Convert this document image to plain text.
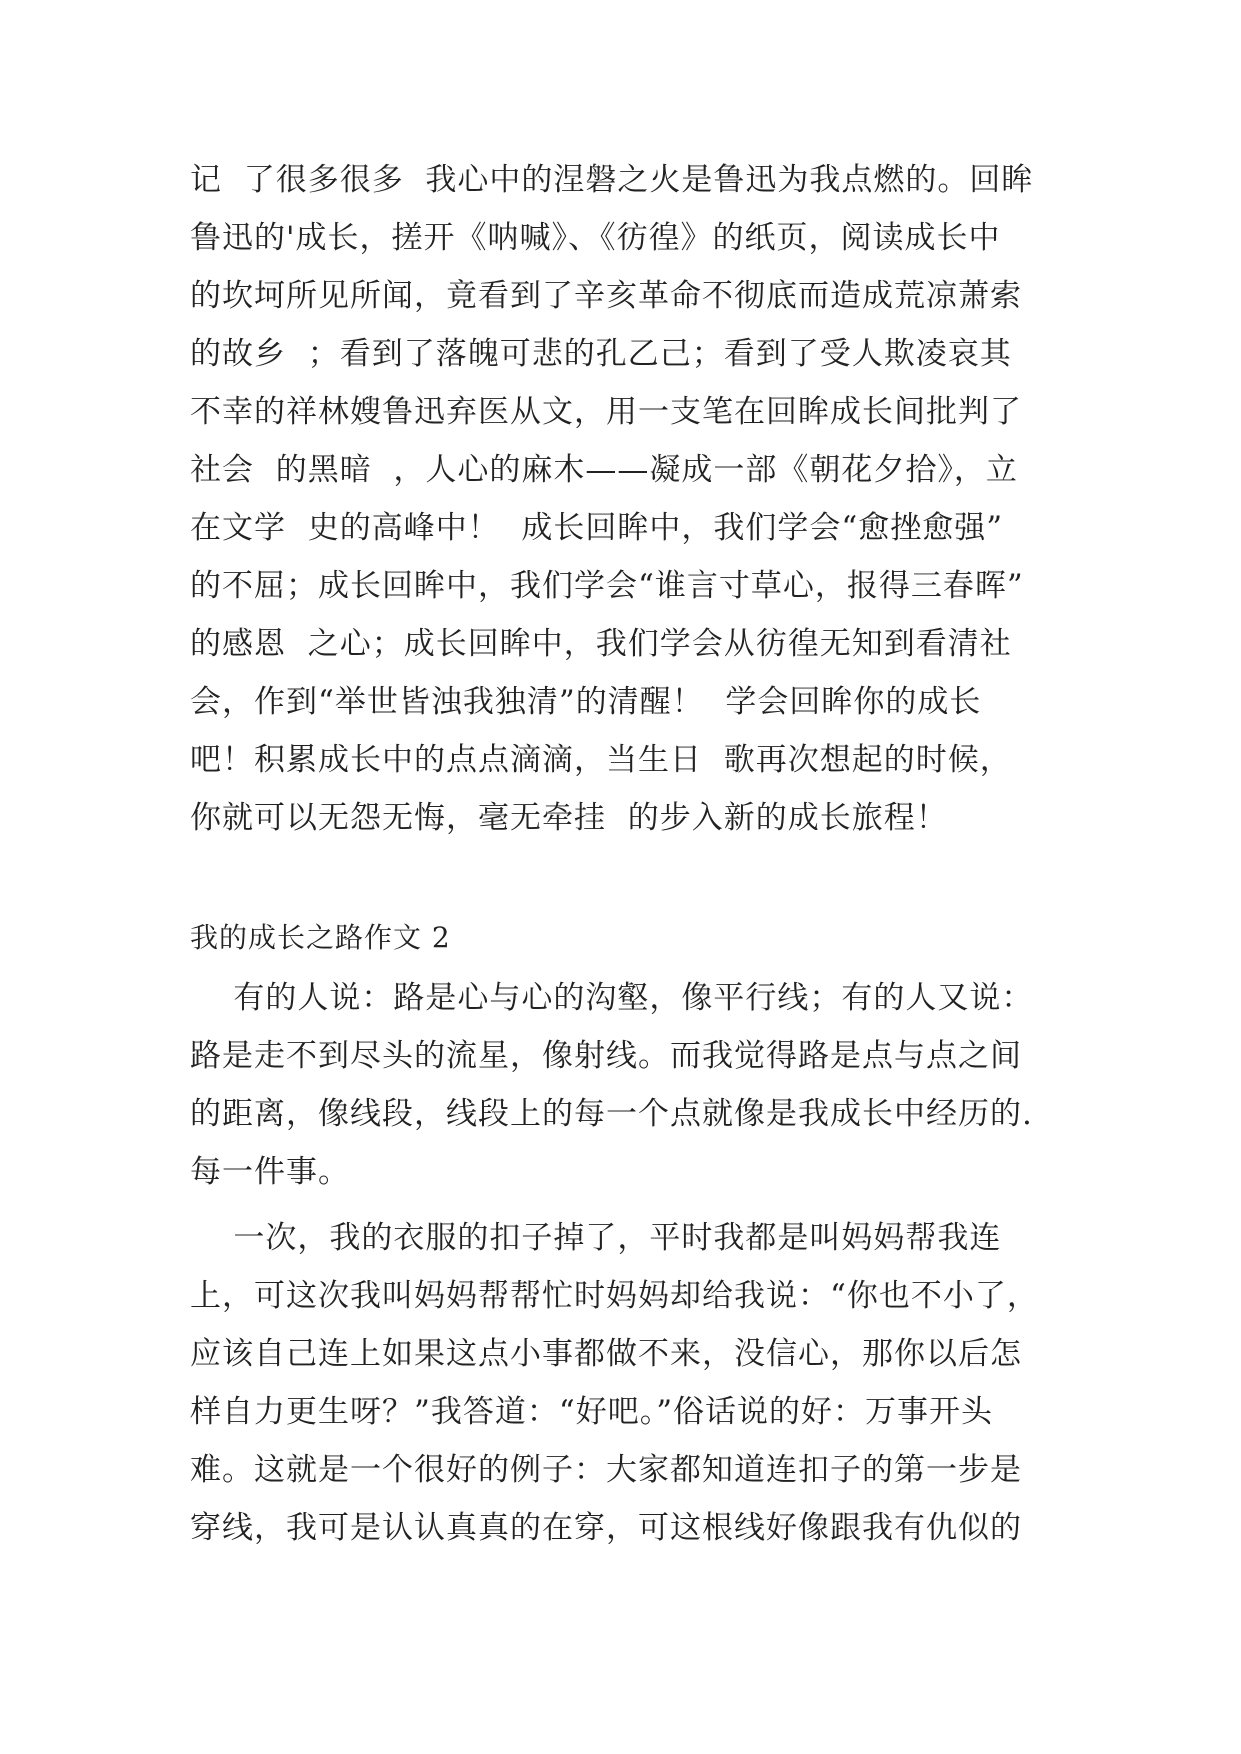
记  了很多很多  我心中的涅磐之火是鲁迅为我点燃的。回眸
鲁迅的'成长，搓开《呐喊》、《彷徨》的纸页，阅读成长中
的坎坷所见所闻，竟看到了辛亥革命不彻底而造成荒凉萧索
的故乡  ；看到了落魄可悲的孔乙己；看到了受人欺凌哀其
不幸的祥林嫂鲁迅弃医从文，用一支笔在回眸成长间批判了
社会  的黑暗  ，人心的麻木——凝成一部《朝花夕拾》，立
在文学  史的高峰中！  成长回眸中，我们学会“愈挫愈强”
的不屈；成长回眸中，我们学会“谁言寸草心，报得三春晖”
的感恩  之心；成长回眸中，我们学会从彷徨无知到看清社
会，作到“举世皆浊我独清”的清醒！  学会回眸你的成长
吧！积累成长中的点点滴滴，当生日  歌再次想起的时候，
你就可以无怨无悔，毫无牵挂  的步入新的成长旅程！
我的成长之路作文 2
有的人说：路是心与心的沟壑，像平行线；有的人又说：
路是走不到尽头的流星，像射线。而我觉得路是点与点之间
的距离，像线段，线段上的每一个点就像是我成长中经历的.
每一件事。
一次，我的衣服的扣子掉了，平时我都是叫妈妈帮我连
上，可这次我叫妈妈帮帮忙时妈妈却给我说：“你也不小了，
应该自己连上如果这点小事都做不来，没信心，那你以后怎
样自力更生呀？”我答道：“好吧。”俗话说的好：万事开头
难。这就是一个很好的例子：大家都知道连扣子的第一步是
穿线，我可是认认真真的在穿，可这根线好像跟我有仇似的
